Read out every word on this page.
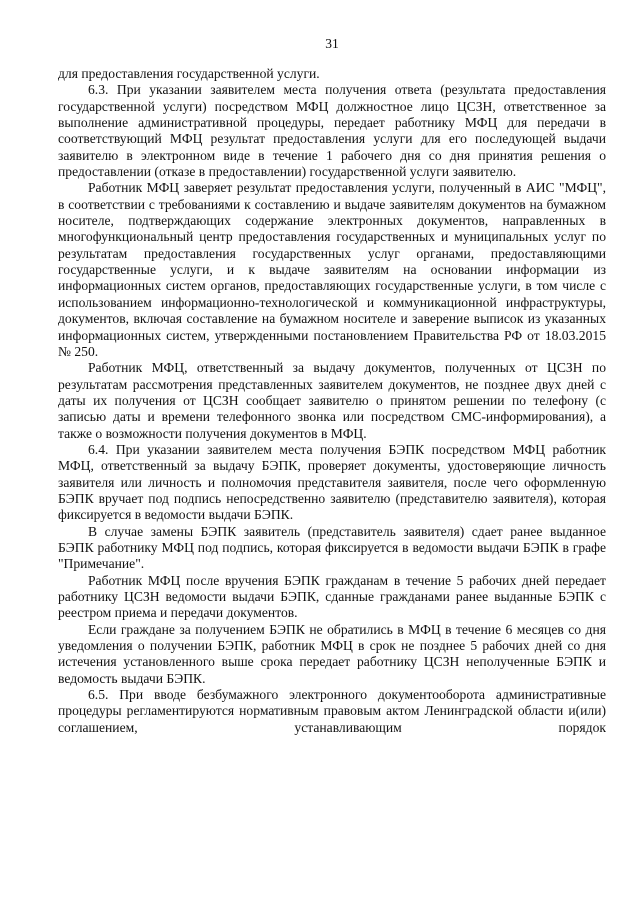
31

для предоставления государственной услуги.

6.3. При указании заявителем места получения ответа (результата предоставления государственной услуги) посредством МФЦ должностное лицо ЦСЗН, ответственное за выполнение административной процедуры, передает работнику МФЦ для передачи в соответствующий МФЦ результат предоставления услуги для его последующей выдачи заявителю в электронном виде в течение 1 рабочего дня со дня принятия решения о предоставлении (отказе в предоставлении) государственной услуги заявителю.

Работник МФЦ заверяет результат предоставления услуги, полученный в АИС "МФЦ", в соответствии с требованиями к составлению и выдаче заявителям документов на бумажном носителе, подтверждающих содержание электронных документов, направленных в многофункциональный центр предоставления государственных и муниципальных услуг по результатам предоставления государственных услуг органами, предоставляющими государственные услуги, и к выдаче заявителям на основании информации из информационных систем органов, предоставляющих государственные услуги, в том числе с использованием информационно-технологической и коммуникационной инфраструктуры, документов, включая составление на бумажном носителе и заверение выписок из указанных информационных систем, утвержденными постановлением Правительства РФ от 18.03.2015 № 250.

Работник МФЦ, ответственный за выдачу документов, полученных от ЦСЗН по результатам рассмотрения представленных заявителем документов, не позднее двух дней с даты их получения от ЦСЗН сообщает заявителю о принятом решении по телефону (с записью даты и времени телефонного звонка или посредством СМС-информирования), а также о возможности получения документов в МФЦ.

6.4. При указании заявителем места получения БЭПК посредством МФЦ работник МФЦ, ответственный за выдачу БЭПК, проверяет документы, удостоверяющие личность заявителя или личность и полномочия представителя заявителя, после чего оформленную БЭПК вручает под подпись непосредственно заявителю (представителю заявителя), которая фиксируется в ведомости выдачи БЭПК.

В случае замены БЭПК заявитель (представитель заявителя) сдает ранее выданное БЭПК работнику МФЦ под подпись, которая фиксируется в ведомости выдачи БЭПК в графе "Примечание".

Работник МФЦ после вручения БЭПК гражданам в течение 5 рабочих дней передает работнику ЦСЗН ведомости выдачи БЭПК, сданные гражданами ранее выданные БЭПК с реестром приема и передачи документов.

Если граждане за получением БЭПК не обратились в МФЦ в течение 6 месяцев со дня уведомления о получении БЭПК, работник МФЦ в срок не позднее 5 рабочих дней со дня истечения установленного выше срока передает работнику ЦСЗН неполученные БЭПК и ведомость выдачи БЭПК.

6.5. При вводе безбумажного электронного документооборота административные процедуры регламентируются нормативным правовым актом Ленинградской области и(или) соглашением, устанавливающим порядок
